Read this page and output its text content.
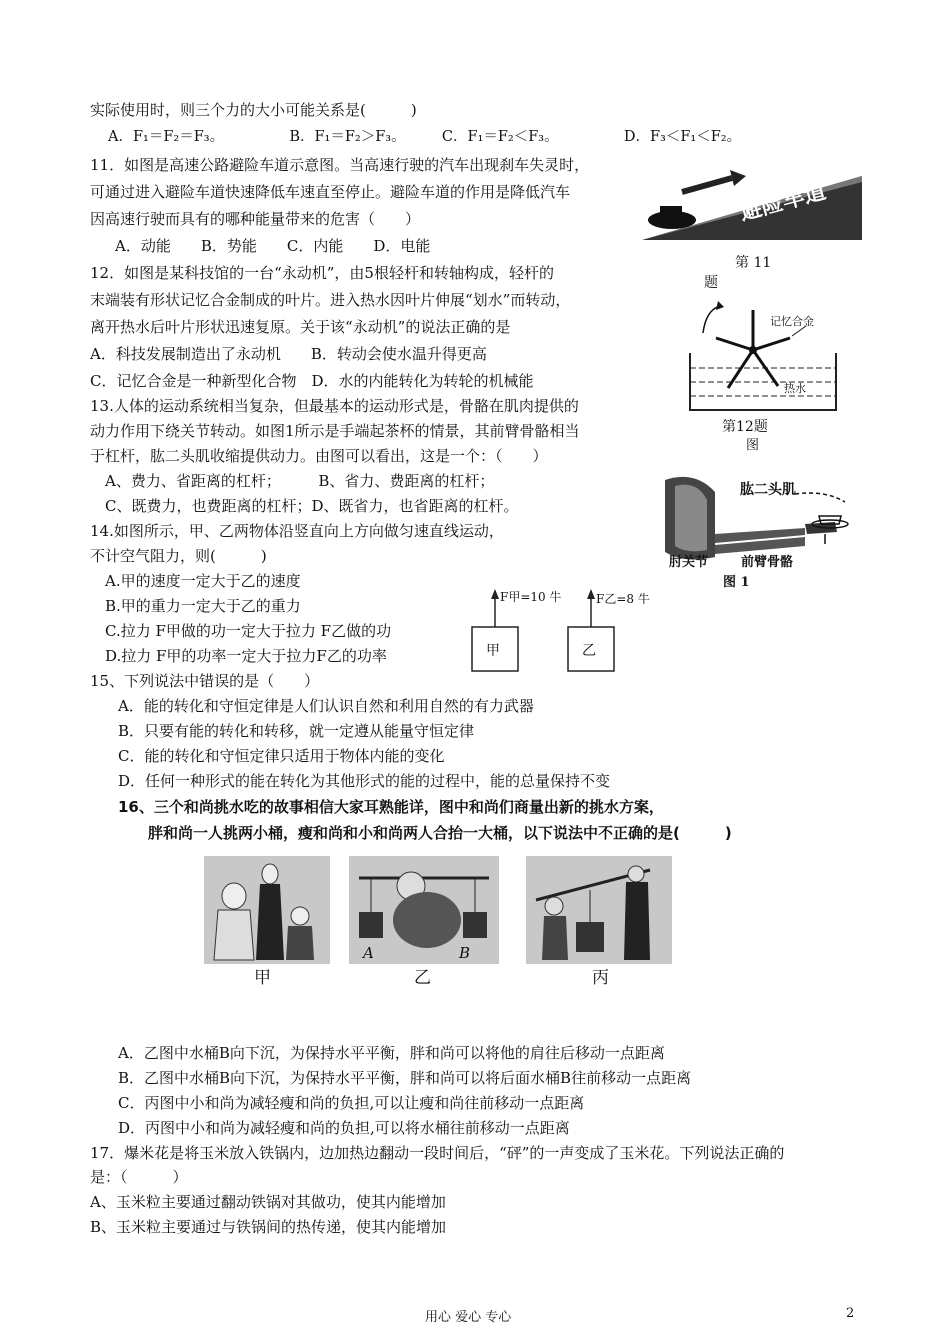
实际使用时，则三个力的大小可能关系是(　　　)
A．F₁＝F₂＝F₃。　　　　　B．F₁＝F₂＞F₃。　　　C．F₁＝F₂＜F₃。　　　　　D．F₃＜F₁＜F₂。
11．如图是高速公路避险车道示意图。当高速行驶的汽车出现刹车失灵时，
可通过进入避险车道快速降低车速直至停止。避险车道的作用是降低汽车
因高速行驶而具有的哪种能量带来的危害（　　）
A．动能　　B．势能　　C．内能　　D．电能
12．如图是某科技馆的一台“永动机”，由5根轻杆和转轴构成，轻杆的
末端装有形状记忆合金制成的叶片。进入热水因叶片伸展“划水”而转动，
离开热水后叶片形状迅速复原。关于该“永动机”的说法正确的是
A．科技发展制造出了永动机　　B．转动会使水温升得更高
C．记忆合金是一种新型化合物　D．水的内能转化为转轮的机械能
13.人体的运动系统相当复杂，但最基本的运动形式是，骨骼在肌肉提供的
动力作用下绕关节转动。如图1所示是手端起茶杯的情景，其前臂骨骼相当
于杠杆，肱二头肌收缩提供动力。由图可以看出，这是一个：（　　）
A、费力、省距离的杠杆；　　　B、省力、费距离的杠杆；
C、既费力，也费距离的杠杆；D、既省力，也省距离的杠杆。
14.如图所示，甲、乙两物体沿竖直向上方向做匀速直线运动，
不计空气阻力，则(　　　)
A.甲的速度一定大于乙的速度
B.甲的重力一定大于乙的重力
C.拉力 F甲做的功一定大于拉力 F乙做的功
D.拉力 F甲的功率一定大于拉力F乙的功率
15、下列说法中错误的是（　　）
A．能的转化和守恒定律是人们认识自然和利用自然的有力武器
B．只要有能的转化和转移，就一定遵从能量守恒定律
C．能的转化和守恒定律只适用于物体内能的变化
D．任何一种形式的能在转化为其他形式的能的过程中，能的总量保持不变
16、三个和尚挑水吃的故事相信大家耳熟能详，图中和尚们商量出新的挑水方案，
胖和尚一人挑两小桶，瘦和尚和小和尚两人合抬一大桶，以下说法中不正确的是(　　　)
A．乙图中水桶B向下沉，为保持水平平衡，胖和尚可以将他的肩往后移动一点距离
B．乙图中水桶B向下沉，为保持水平平衡，胖和尚可以将后面水桶B往前移动一点距离
C．丙图中小和尚为减轻瘦和尚的负担,可以让瘦和尚往前移动一点距离
D．丙图中小和尚为减轻瘦和尚的负担,可以将水桶往前移动一点距离
17．爆米花是将玉米放入铁锅内，边加热边翻动一段时间后，“砰”的一声变成了玉米花。下列说法正确的
是：（　　　）
A、玉米粒主要通过翻动铁锅对其做功，使其内能增加
B、玉米粒主要通过与铁锅间的热传递，使其内能增加
避险车道
第 11
题
记忆合金
热水
第12题
图
肱二头肌
肘关节	前臂骨骼
图 1
F甲=10 牛
甲
F乙=8 牛
乙
A	B
甲	乙	丙
用心 爱心 专心	2
